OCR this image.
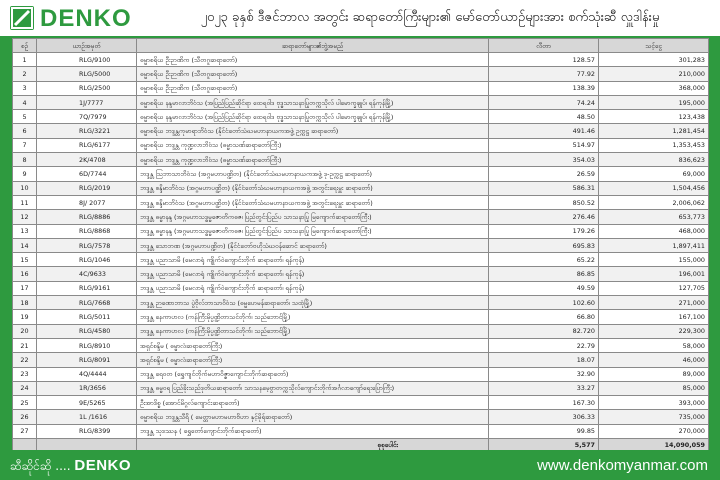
DENKO	၂၀၂၃ ခုနှစ် ဒီဇင်ဘာလ အတွင်း ဆရာတော်ကြီးများ၏ မော်တော်ယာဉ်များအား စက်သုံးဆီ လှူဒါန်းမှု
စဉ်	ယာဉ်အမှတ်	ဆရာတော်များ၏ဘွဲ့အမည်	လီတာ	သင့်ငွေ
1	RLG/9100	ဓမ္မာစရိယ ဦးဉာဏိက (သီတဂူဆရာတော်)	128.57	301,283
2	RLG/5000	ဓမ္မာစရိယ ဦးဉာဏိက (သီတဂူဆရာတော်)	77.92	210,000
3	RLG/2500	ဓမ္မာစရိယ ဦးဉာဏိက (သီတဂူဆရာတော်)	138.39	368,000
4	1J/7777	ဓမ္မာစရိယ နန္ဒမာလာဘိဝံသ (အပြည်ပြည်ဆိုင်ရာ ထေရဝါဒ ဗုဒ္ဓသာသနာပြုတက္ကသိုလ် ပါမောက္ခချုပ်၊ ရန်ကုန်မြို့)	74.24	195,000
5	7Q/7979	ဓမ္မာစရိယ နန္ဒမာလာဘိဝံသ (အပြည်ပြည်ဆိုင်ရာ ထေရဝါဒ ဗုဒ္ဓသာသနာပြုတက္ကသိုလ် ပါမောက္ခချုပ်၊ ရန်ကုန်မြို့)	48.50	123,438
6	RLG/3221	ဓမ္မာစရိယ ဘဒ္ဒန္တကုမာရာဘိဝံသ (နိုင်ငံတော်သံဃမဟာနာယကအဖွဲ့ ဥက္ကဋ္ဌ ဆရာတော်)	491.46	1,281,454
7	RLG/6177	ဓမ္မာစရိယ ဘဒ္ဒန္တ ကုဏ္ဍလာဘိဝံသ (ဓမ္မာသဏ်ဆရာတော်ကြီး)	514.97	1,353,453
8	2K/4708	ဓမ္မာစရိယ ဘဒ္ဒန္တ ကုဏ္ဍလာဘိဝံသ (ဓမ္မာသဏ်ဆရာတော်ကြီး)	354.03	836,623
9	6D/7744	ဘဒ္ဒန္တ ဩဘာသာဘိဝံသ (အဂ္ဂမဟာပဏ္ဍိတ) (နိုင်ငံတော်သံဃမဟာနာယကအဖွဲ့ ဒု-ဥက္ကဋ္ဌ ဆရာတော်)	26.59	69,000
10	RLG/2019	ဘဒ္ဒန္တ စန္ဒိမာဘိဝံသ (အဂ္ဂမဟာပဏ္ဍိတ) (နိုင်ငံတော်သံဃမဟာနာယကအဖွဲ့ အတွင်းရေးမှူး ဆရာတော်)	586.31	1,504,456
11	8J/ 2077	ဘဒ္ဒန္တ စန္ဒိမာဘိဝံသ (အဂ္ဂမဟာပဏ္ဍိတ) (နိုင်ငံတော်သံဃမဟာနာယကအဖွဲ့ အတွင်းရေးမှူး ဆရာတော်)	850.52	2,006,062
12	RLG/8886	ဘဒ္ဒန္တ ဓမ္မာနန္ဒ (အဂ္ဂမဟာသဒ္ဓမ္မဇောတိကဓဇ၊ ပြည်တွင်းပြည်ပ သာသနာပြု မြကျောက်ဆရာတော်ကြီး)	276.46	653,773
13	RLG/8868	ဘဒ္ဒန္တ ဓမ္မာနန္ဒ (အဂ္ဂမဟာသဒ္ဓမ္မဇောတိကဓဇ၊ ပြည်တွင်းပြည်ပ သာသနာပြု မြကျောက်ဆရာတော်ကြီး)	179.26	468,000
14	RLG/7578	ဘဒ္ဒန္တ သောဘဏ (အဂ္ဂမဟာပဏ္ဍိတ) (နိုင်ငံတော်ဗဟိုသံဃဝန်ဆောင် ဆရာတော်)	695.83	1,897,411
15	RLG/1046	ဘဒ္ဒန္တ ပညာသာမိ (မေလာရုံ ကျိုက်ဝဲကျောင်းတိုက် ဆရာတော်၊ ရန်ကုန်)	65.22	155,000
16	4C/9633	ဘဒ္ဒန္တ ပညာသာမိ (မေလာရုံ ကျိုက်ဝဲကျောင်းတိုက် ဆရာတော်၊ ရန်ကုန်)	86.85	196,001
17	RLG/9161	ဘဒ္ဒန္တ ပညာသာမိ (မေလာရုံ ကျိုက်ဝဲကျောင်းတိုက် ဆရာတော်၊ ရန်ကုန်)	49.59	127,705
18	RLG/7668	ဘဒ္ဒန္တ ဉာဏောဘာသ ပွဲဗိုလ်ဘာသာဝိဝံသ (ဓမ္မဟေမန်ဆရာတော်၊ သထုံမြို့)	102.60	271,000
19	RLG/5011	ဘဒ္ဒန္တ နေကာပာလ (ကန်ကြီးမိုပ္ပဏ္ဍိတာသင်တိုက်၊ သည်ဘောင်မြို့)	66.80	167,100
20	RLG/4580	ဘဒ္ဒန္တ နေကာပာလ (ကန်ကြီးမိုပ္ပဏ္ဍိတာသင်တိုက်၊ သည်ဘောင်မြို့)	82.720	229,300
21	RLG/8910	အရှင်စန္ဒိမ ( ဓမ္မာလံဆရာတော်ကြီး)	22.79	58,000
22	RLG/8091	အရှင်စန္ဒိမ ( ဓမ္မာလံဆရာတော်ကြီး)	18.07	46,000
23	4Q/4444	ဘဒ္ဒန္တ ရေဝတ (ရွှေကျင်တိုက်မဟာဝိဇ္ဇာကျောင်းတိုက်ဆရာတော်)	32.90	89,000
24	1R/3656	ဘဒ္ဒန္တ ဓမ္မဝရ ပြည်ခိုးသည်ဒုတိယဆရာတော်၊ သာသနမေ့ဗွာတက္ကသိုလ်ကျောင်းတိုက်အင်္ဂလာကျော်ရေးပြောကြီး)	33.27	85,000
25	9E/5265	ဦးအာဒိစ္စ (အောင်မိဂ္ဂလ်ကျောင်းဆရာတော်)	167.30	393,000
26	1L /1616	ဓမ္မာစရိယ ဘဒ္ဒန္တသီရိ ( မေတ္တာမဟာမဟာဗိဟာ နှင့်မိုရ်ဆရာတော်)	306.33	735,000
27	RLG/8399	ဘဒ္ဒန္တ သုဒဿန ( ရွှေတော်ကျောင်းတိုက်ဆရာတော်)	99.85	270,000
		စုစုပေါင်း	5,577	14,090,059
ဆီဆိုင်ဆို .... DENKO	www.denkomyanmar.com
